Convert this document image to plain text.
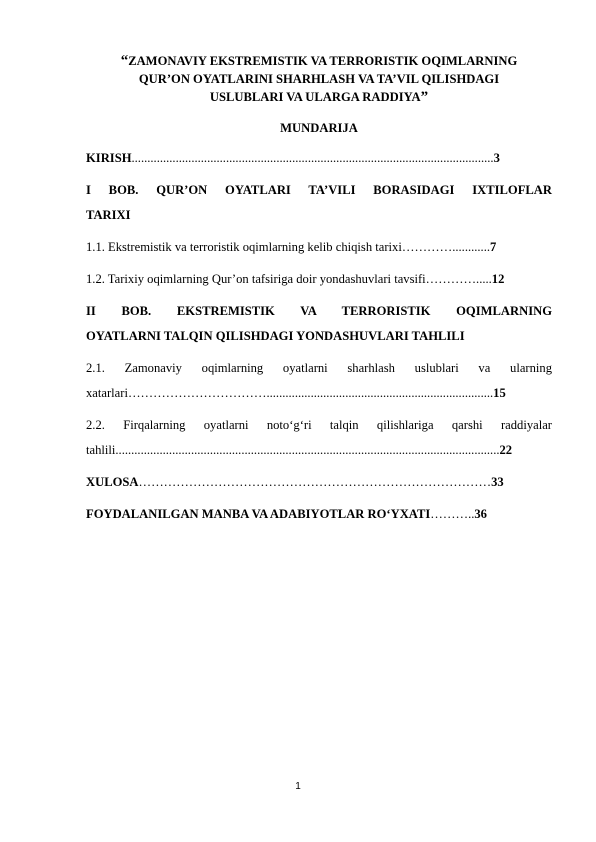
“ZAMONAVIY EKSTREMISTIK VA TERRORISTIK OQIMLARNING
QUR’ON OYATLARINI SHARHLASH VA TA’VIL QILISHDAGI
USLUBLARI VA ULARGA RADDIYA”

MUNDARIJA

KIRISH...................................................................................................................3
I BOB. QUR’ON OYATLARI TA’VILI BORASIDAGI IXTILOFLAR
TARIXI
1.1. Ekstremistik va terroristik oqimlarning kelib chiqish tarixi…………............7
1.2. Tarixiy oqimlarning Qur’on tafsiriga doir yondashuvlari tavsifi………….....12
II BOB. EKSTREMISTIK VA TERRORISTIK OQIMLARNING
OYATLARNI TALQIN QILISHDAGI YONDASHUVLARI TAHLILI
2.1. Zamonaviy oqimlarning oyatlarni sharhlash uslublari va ularning
xatarlari……………………………........................................................................15
2.2. Firqalarning oyatlarni noto‘g‘ri talqin qilishlariga qarshi raddiyalar
tahlili..........................................................................................................................22
XULOSA…………………………………………………………………………33
FOYDALANILGAN MANBA VA ADABIYOTLAR RO‘YXATI………..36
1
